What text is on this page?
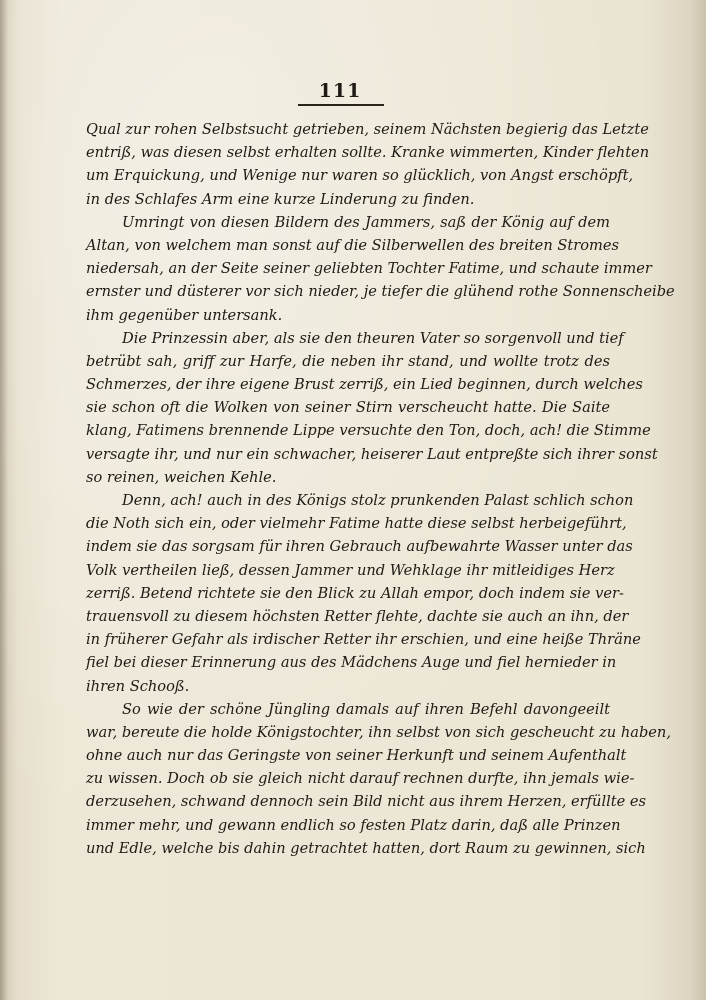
111
Qual zur rohen Selbstsucht getrieben, seinem Nächsten begierig das Letzte
entriß, was diesen selbst erhalten sollte. Kranke wimmerten, Kinder flehten
um Erquickung, und Wenige nur waren so glücklich, von Angst erschöpft,
in des Schlafes Arm eine kurze Linderung zu finden.
Umringt von diesen Bildern des Jammers, saß der König auf dem
Altan, von welchem man sonst auf die Silberwellen des breiten Stromes
niedersah, an der Seite seiner geliebten Tochter Fatime, und schaute immer
ernster und düsterer vor sich nieder, je tiefer die glühend rothe Sonnenscheibe
ihm gegenüber untersank.
Die Prinzessin aber, als sie den theuren Vater so sorgenvoll und tief
betrübt sah, griff zur Harfe, die neben ihr stand, und wollte trotz des
Schmerzes, der ihre eigene Brust zerriß, ein Lied beginnen, durch welches
sie schon oft die Wolken von seiner Stirn verscheucht hatte. Die Saite
klang, Fatimens brennende Lippe versuchte den Ton, doch, ach! die Stimme
versagte ihr, und nur ein schwacher, heiserer Laut entpreßte sich ihrer sonst
so reinen, weichen Kehle.
Denn, ach! auch in des Königs stolz prunkenden Palast schlich schon
die Noth sich ein, oder vielmehr Fatime hatte diese selbst herbeigeführt,
indem sie das sorgsam für ihren Gebrauch aufbewahrte Wasser unter das
Volk vertheilen ließ, dessen Jammer und Wehklage ihr mitleidiges Herz
zerriß. Betend richtete sie den Blick zu Allah empor, doch indem sie ver-
trauensvoll zu diesem höchsten Retter flehte, dachte sie auch an ihn, der
in früherer Gefahr als irdischer Retter ihr erschien, und eine heiße Thräne
fiel bei dieser Erinnerung aus des Mädchens Auge und fiel hernieder in
ihren Schooß.
So wie der schöne Jüngling damals auf ihren Befehl davongeeilt
war, bereute die holde Königstochter, ihn selbst von sich gescheucht zu haben,
ohne auch nur das Geringste von seiner Herkunft und seinem Aufenthalt
zu wissen. Doch ob sie gleich nicht darauf rechnen durfte, ihn jemals wie-
derzusehen, schwand dennoch sein Bild nicht aus ihrem Herzen, erfüllte es
immer mehr, und gewann endlich so festen Platz darin, daß alle Prinzen
und Edle, welche bis dahin getrachtet hatten, dort Raum zu gewinnen, sich
